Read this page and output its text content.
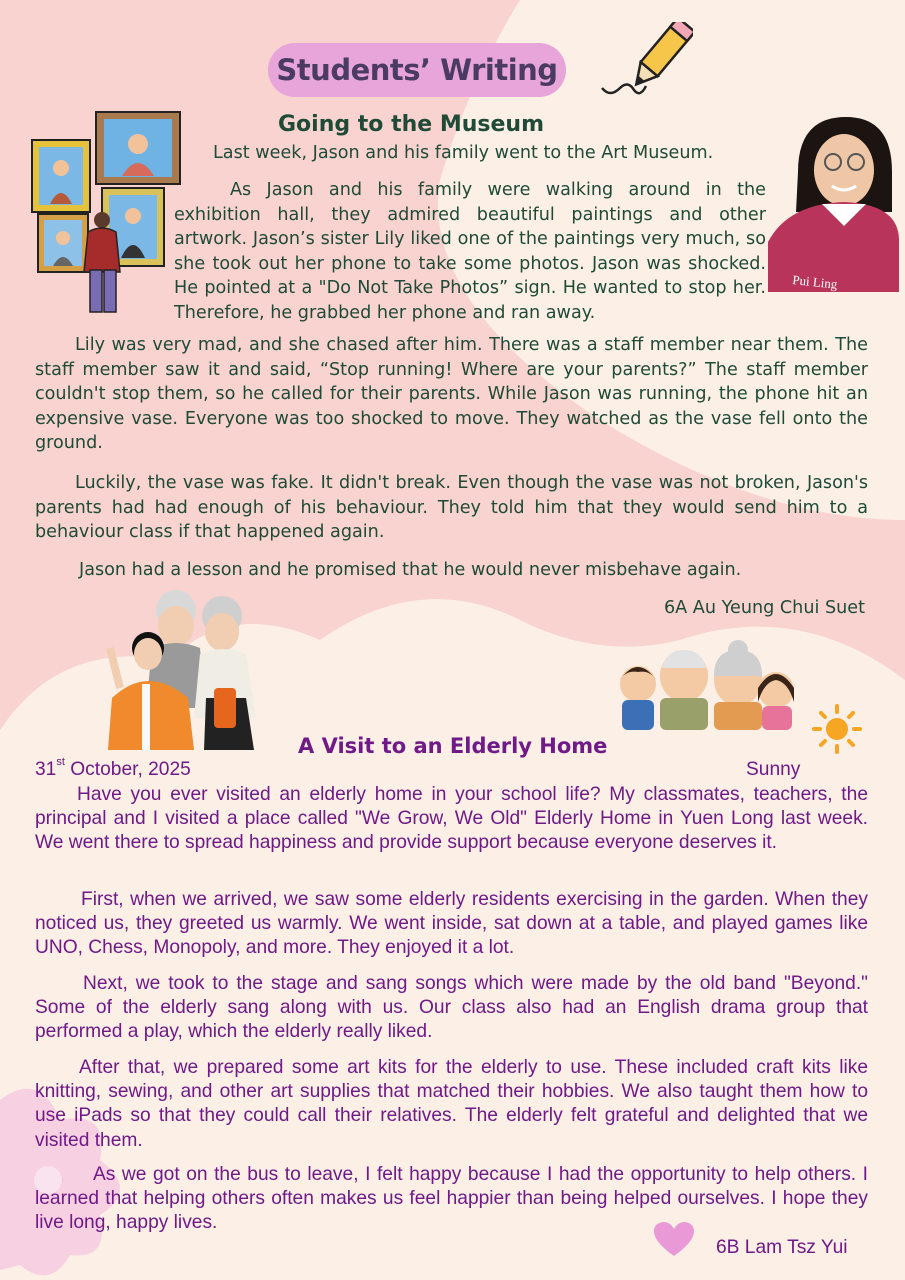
Students’ Writing
Going to the Museum
Last week, Jason and his family went to the Art Museum.
Pui Ling

As Jason and his family were walking around in the exhibition hall, they admired beautiful paintings and other artwork. Jason’s sister Lily liked one of the paintings very much, so she took out her phone to take some photos. Jason was shocked. He pointed at a "Do Not Take Photos” sign. He wanted to stop her. Therefore, he grabbed her phone and ran away.

Lily was very mad, and she chased after him. There was a staff member near them. The staff member saw it and said, “Stop running! Where are your parents?” The staff member couldn't stop them, so he called for their parents. While Jason was running, the phone hit an expensive vase. Everyone was too shocked to move. They watched as the vase fell onto the ground.

Luckily, the vase was fake. It didn't break. Even though the vase was not broken, Jason's parents had had enough of his behaviour. They told him that they would send him to a behaviour class if that happened again.

Jason had a lesson and he promised that he would never misbehave again.
6A Au Yeung Chui Suet
A Visit to an Elderly Home
31st October, 2025	Sunny

Have you ever visited an elderly home in your school life? My classmates, teachers, the principal and I visited a place called "We Grow, We Old" Elderly Home in Yuen Long last week. We went there to spread happiness and provide support because everyone deserves it.

First, when we arrived, we saw some elderly residents exercising in the garden. When they noticed us, they greeted us warmly. We went inside, sat down at a table, and played games like UNO, Chess, Monopoly, and more. They enjoyed it a lot.

Next, we took to the stage and sang songs which were made by the old band "Beyond." Some of the elderly sang along with us. Our class also had an English drama group that performed a play, which the elderly really liked.

After that, we prepared some art kits for the elderly to use. These included craft kits like knitting, sewing, and other art supplies that matched their hobbies. We also taught them how to use iPads so that they could call their relatives. The elderly felt grateful and delighted that we visited them.

As we got on the bus to leave, I felt happy because I had the opportunity to help others. I learned that helping others often makes us feel happier than being helped ourselves. I hope they live long, happy lives.

6B Lam Tsz Yui
